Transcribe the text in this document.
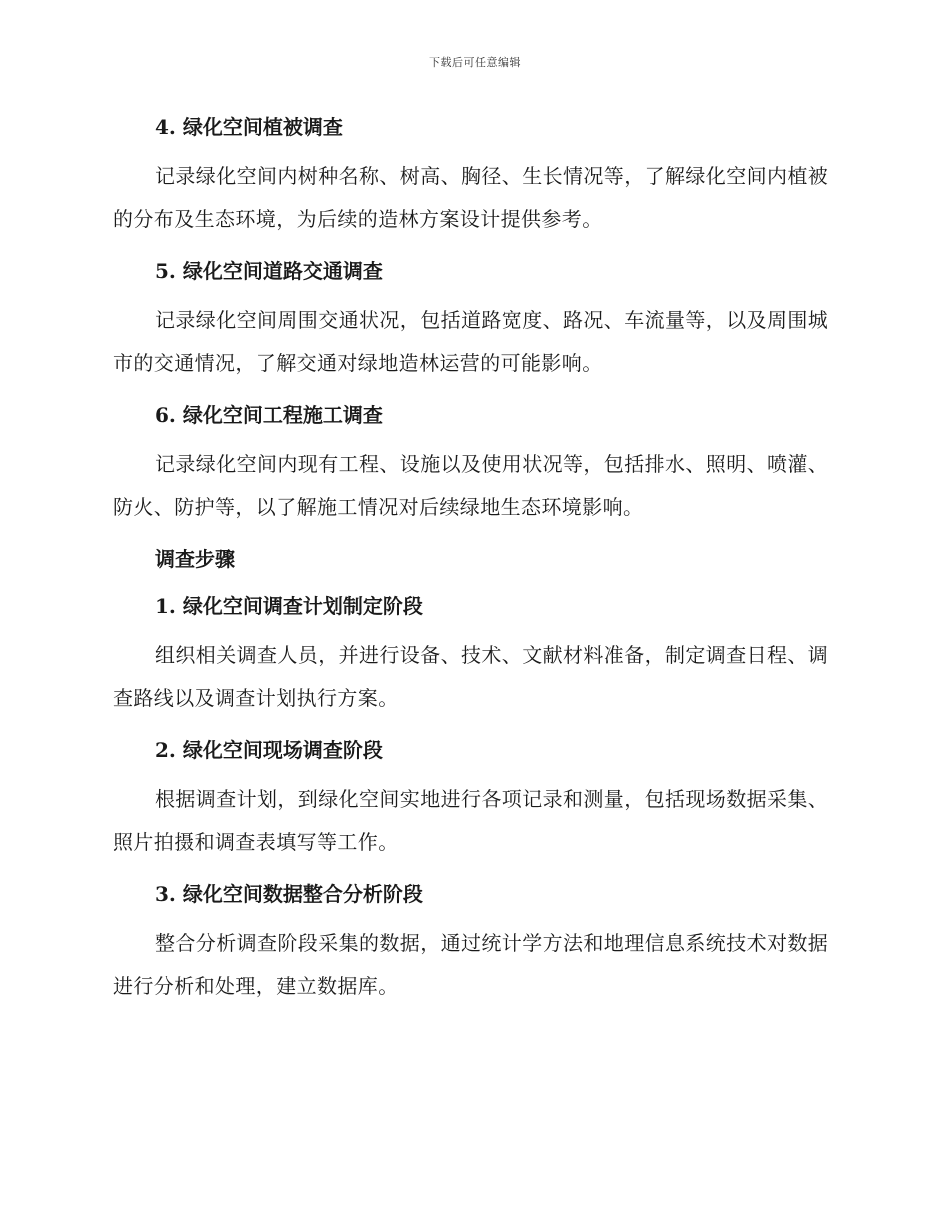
下载后可任意编辑
4. 绿化空间植被调查

记录绿化空间内树种名称、树高、胸径、生长情况等，了解绿化空间内植被的分布及生态环境，为后续的造林方案设计提供参考。

5. 绿化空间道路交通调查

记录绿化空间周围交通状况，包括道路宽度、路况、车流量等，以及周围城市的交通情况，了解交通对绿地造林运营的可能影响。

6. 绿化空间工程施工调查

记录绿化空间内现有工程、设施以及使用状况等，包括排水、照明、喷灌、防火、防护等，以了解施工情况对后续绿地生态环境影响。

调查步骤
1. 绿化空间调查计划制定阶段

组织相关调查人员，并进行设备、技术、文献材料准备，制定调查日程、调查路线以及调查计划执行方案。

2. 绿化空间现场调查阶段

根据调查计划，到绿化空间实地进行各项记录和测量，包括现场数据采集、照片拍摄和调查表填写等工作。

3. 绿化空间数据整合分析阶段

整合分析调查阶段采集的数据，通过统计学方法和地理信息系统技术对数据进行分析和处理，建立数据库。
